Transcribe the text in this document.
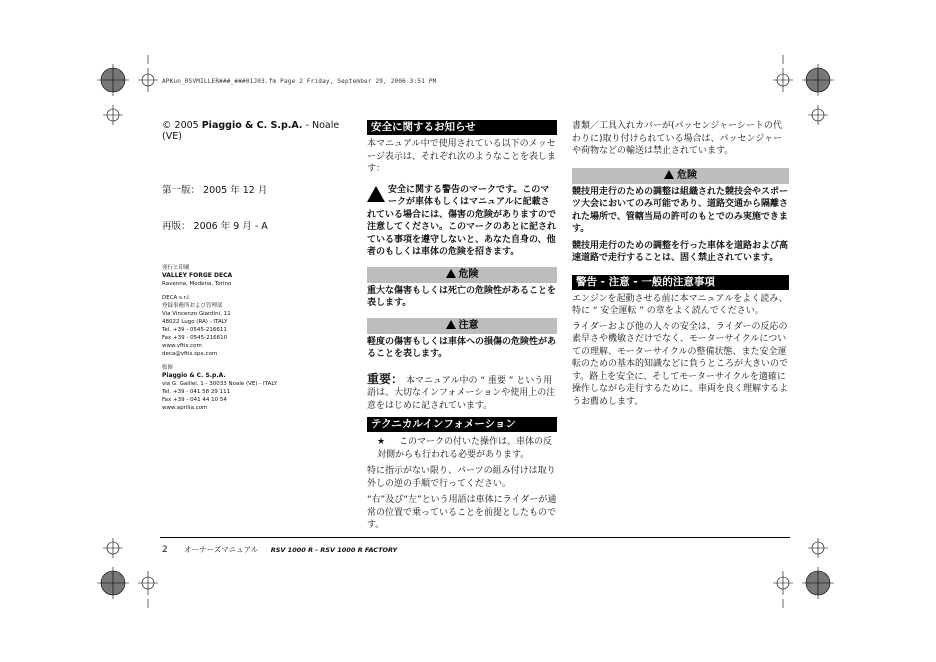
APKun_RSVMILLER###_###01J03.fm Page 2 Friday, September 29, 2006 3:51 PM

© 2005 Piaggio & C. S.p.A. - Noale (VE)

第一版： 2005 年 12 月

再版： 2006 年 9 月 - A

発行と印刷
VALLEY FORGE DECA
Ravenna, Modena, Torino
DECA s.r.l.
登録事務所および管理部
Via Vincenzo Giardini, 11
48022 Lugo (RA) - ITALY
Tel. +39 - 0545-216611
Fax +39 - 0545-216610
www.vftis.com
deca@vftis.spx.com
監修
Piaggio & C. S.p.A.
via G. Galilei, 1 - 30033 Noale (VE) - ITALY
Tel. +39 - 041 58 29 111
Fax +39 - 041 44 10 54
www.aprilia.com
安全に関するお知らせ

本マニュアル中で使用されている以下のメッセージ表示は、それぞれ次のようなことを表します：

安全に関する警告のマークです。このマークが車体もしくはマニュアルに記載されている場合には、傷害の危険がありますので注意してください。このマークのあとに記されている事項を遵守しないと、あなた自身の、他者のもしくは車体の危険を招きます。

危険

重大な傷害もしくは死亡の危険性があることを表します。

注意

軽度の傷害もしくは車体への損傷の危険性があることを表します。

重要： 本マニュアル中の “ 重要 ” という用語は、大切なインフォメーションや使用上の注意をはじめに記されています。

テクニカルインフォメーション

★ このマークの付いた操作は、車体の反対側からも行われる必要があります。

特に指示がない限り、パーツの組み付けは取り外しの逆の手順で行ってください。

“右”及び“左”という用語は車体にライダーが通常の位置で乗っていることを前提としたものです。

書類／工具入れカバーが(パッセンジャーシートの代わりに)取り付けられている場合は、パッセンジャーや荷物などの輸送は禁止されています。

危険

競技用走行のための調整は組織された競技会やスポーツ大会においてのみ可能であり、道路交通から隔離された場所で、管轄当局の許可のもとでのみ実施できます。

競技用走行のための調整を行った車体を道路および高速道路で走行することは、固く禁止されています。

警告 - 注意 - 一般的注意事項

エンジンを起動させる前に本マニュアルをよく読み、特に “ 安全運転 ” の章をよく読んでください。

ライダーおよび他の人々の安全は、ライダーの反応の素早さや機敏さだけでなく、モーターサイクルについての理解、モーターサイクルの整備状態、また安全運転のための基本的知識などに負うところが大きいのです。路上を安全に、そしてモーターサイクルを適確に操作しながら走行するために、車両を良く理解するようお薦めします。

2 オーナーズマニュアル RSV 1000 R - RSV 1000 R FACTORY
